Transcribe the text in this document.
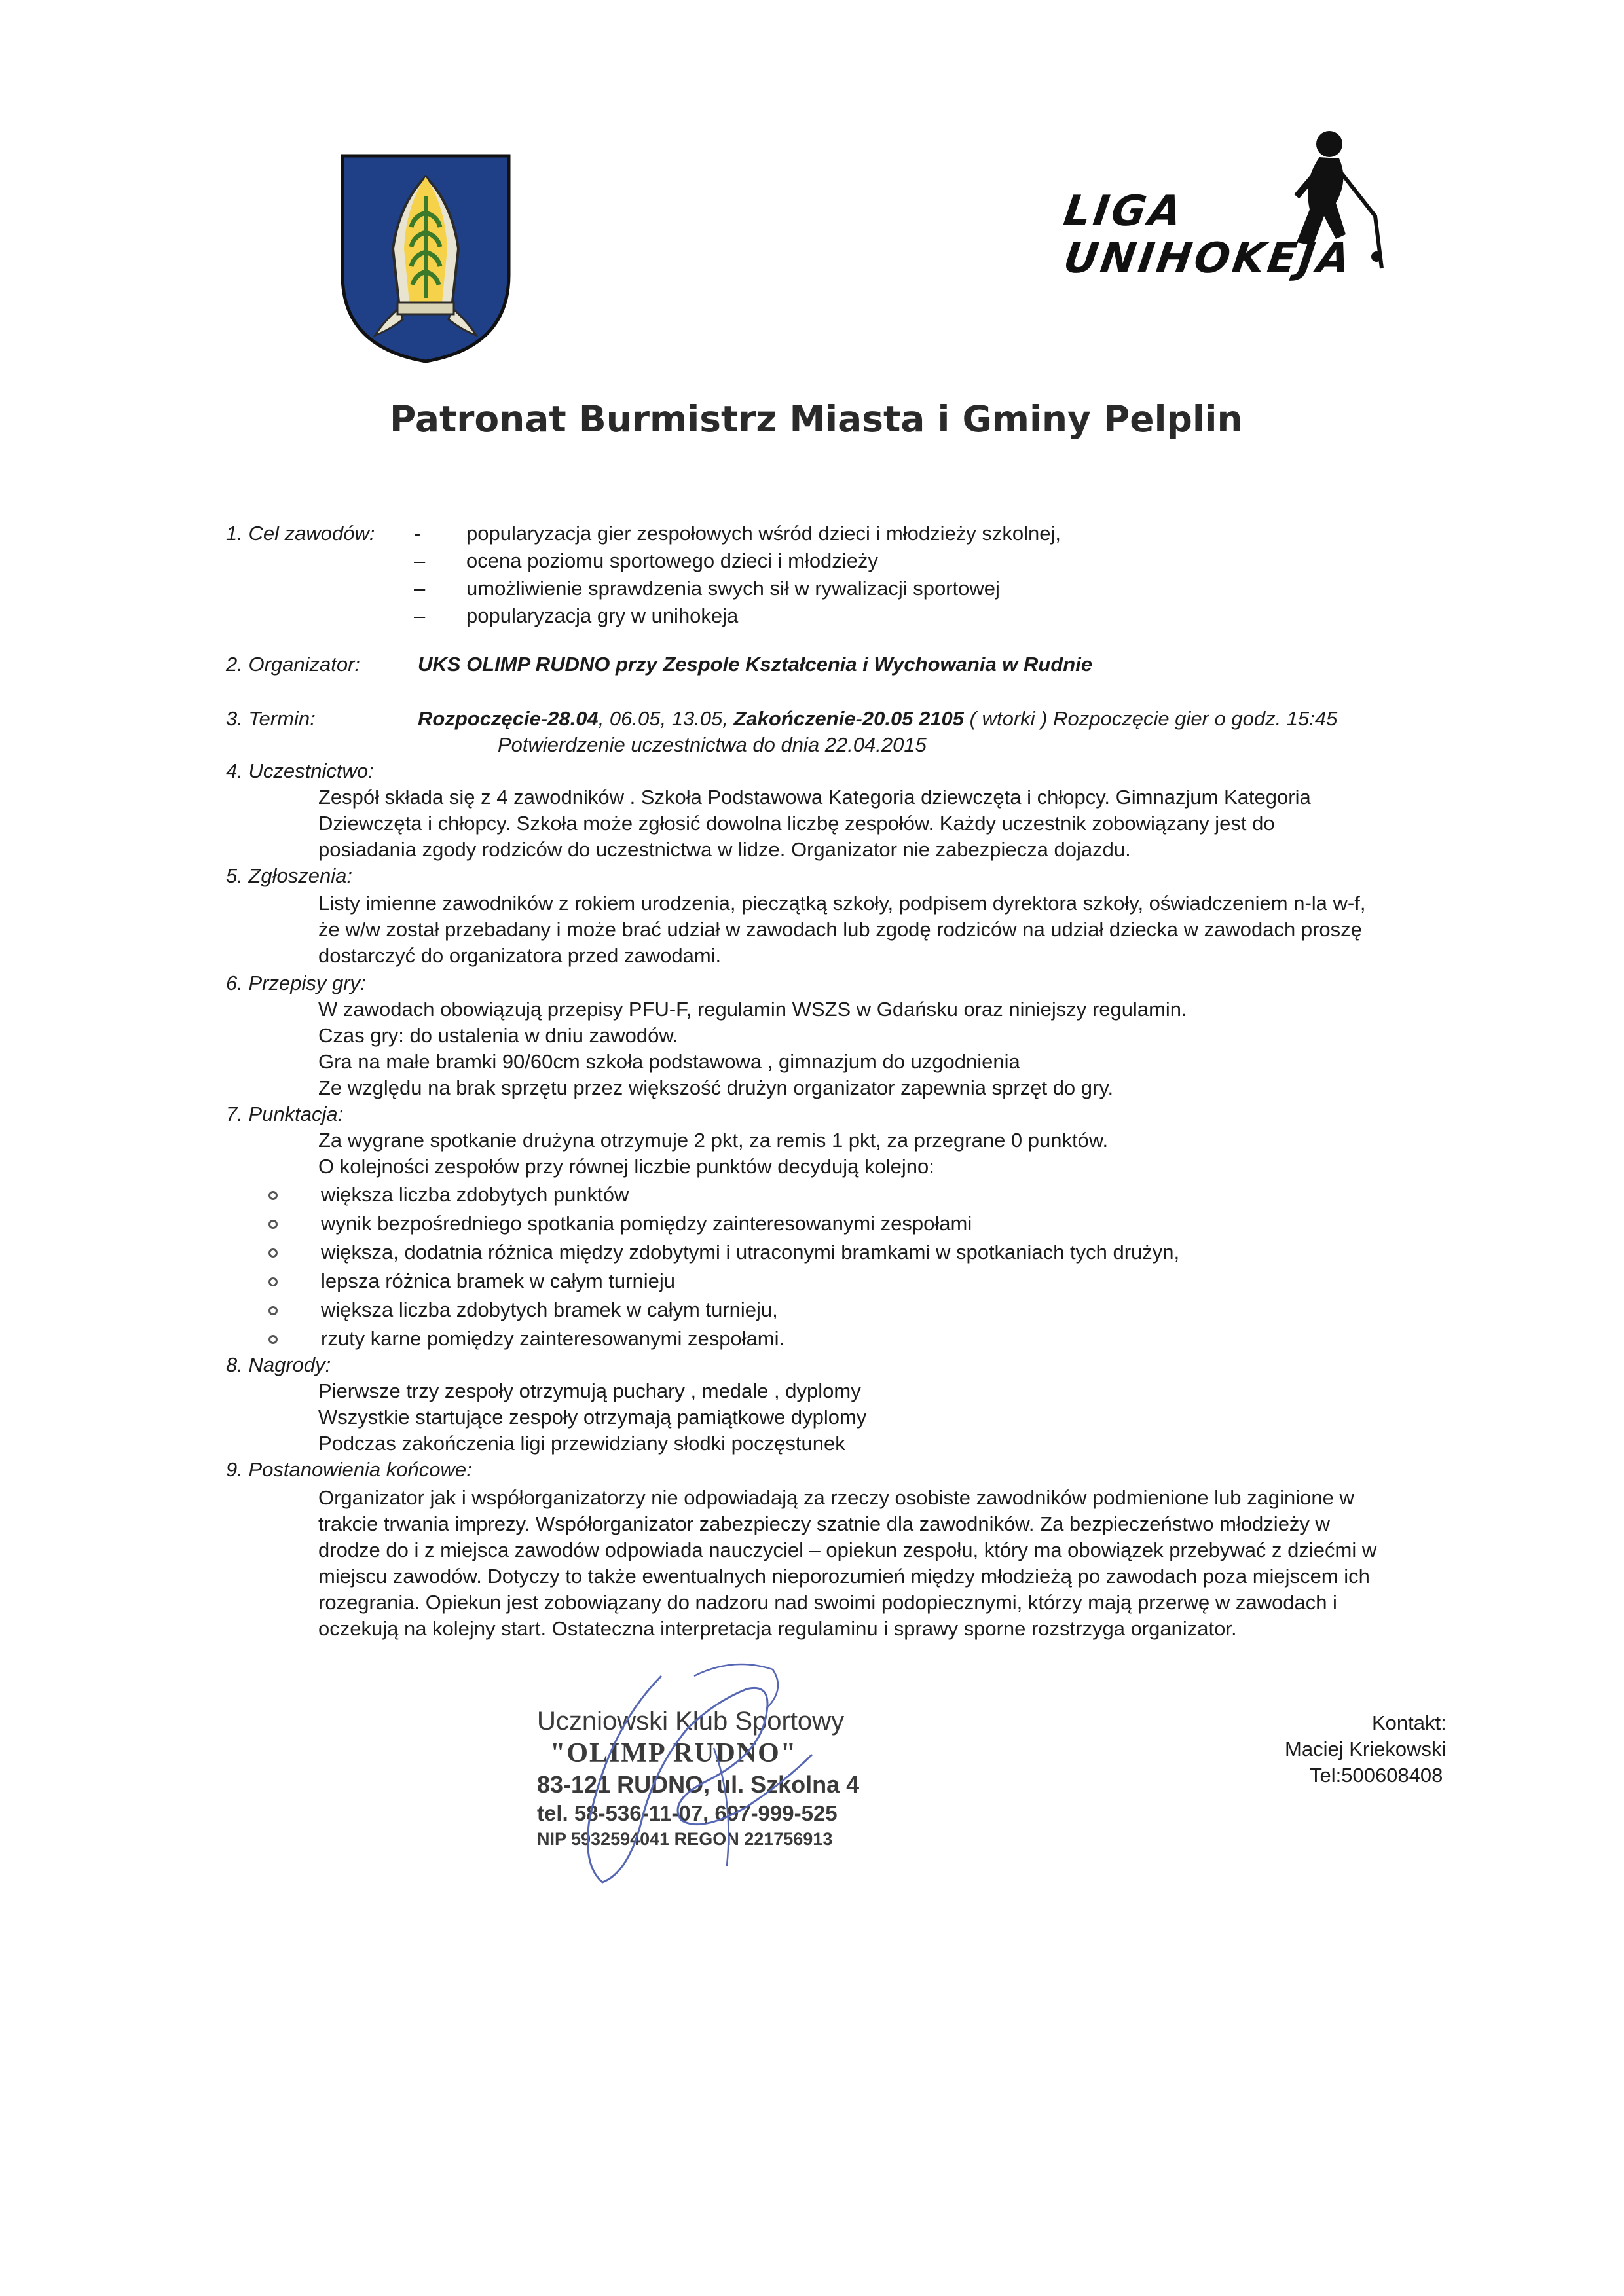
LIGA
UNIHOKEJA
Patronat Burmistrz Miasta i Gminy Pelplin
1. Cel zawodów: -
–
–
–
popularyzacja gier zespołowych wśród dzieci i młodzieży szkolnej,
ocena poziomu sportowego dzieci i młodzieży
umożliwienie sprawdzenia swych sił w rywalizacji sportowej
popularyzacja gry w unihokeja
2. Organizator:	UKS OLIMP RUDNO przy Zespole Kształcenia i Wychowania w Rudnie
3. Termin:	Rozpoczęcie-28.04, 06.05, 13.05, Zakończenie-20.05 2105 ( wtorki ) Rozpoczęcie gier o godz. 15:45
Potwierdzenie uczestnictwa do dnia 22.04.2015
4. Uczestnictwo:
Zespół składa się z 4 zawodników . Szkoła Podstawowa Kategoria dziewczęta i chłopcy. Gimnazjum Kategoria
Dziewczęta i chłopcy. Szkoła może zgłosić dowolna liczbę zespołów. Każdy uczestnik zobowiązany jest do
posiadania zgody rodziców do uczestnictwa w lidze. Organizator nie zabezpiecza dojazdu.
5. Zgłoszenia:
Listy imienne zawodników z rokiem urodzenia, pieczątką szkoły, podpisem dyrektora szkoły, oświadczeniem n-la w-f,
że w/w został przebadany i może brać udział w zawodach lub zgodę rodziców na udział dziecka w zawodach proszę
dostarczyć do organizatora przed zawodami.
6. Przepisy gry:
W zawodach obowiązują przepisy PFU-F, regulamin WSZS w Gdańsku oraz niniejszy regulamin.
Czas gry: do ustalenia w dniu zawodów.
Gra na małe bramki 90/60cm szkoła podstawowa , gimnazjum do uzgodnienia
Ze względu na brak sprzętu przez większość drużyn organizator zapewnia sprzęt do gry.
7. Punktacja:
Za wygrane spotkanie drużyna otrzymuje 2 pkt, za remis 1 pkt, za przegrane 0 punktów.
O kolejności zespołów przy równej liczbie punktów decydują kolejno:
większa liczba zdobytych punktów
wynik bezpośredniego spotkania pomiędzy zainteresowanymi zespołami
większa, dodatnia różnica między zdobytymi i utraconymi bramkami w spotkaniach tych drużyn,
lepsza różnica bramek w całym turnieju
większa liczba zdobytych bramek w całym turnieju,
rzuty karne pomiędzy zainteresowanymi zespołami.
8. Nagrody:
Pierwsze trzy zespoły otrzymują puchary , medale , dyplomy
Wszystkie startujące zespoły otrzymają pamiątkowe dyplomy
Podczas zakończenia ligi przewidziany słodki poczęstunek
9. Postanowienia końcowe:
Organizator jak i współorganizatorzy nie odpowiadają za rzeczy osobiste zawodników podmienione lub zaginione w
trakcie trwania imprezy. Współorganizator zabezpieczy szatnie dla zawodników. Za bezpieczeństwo młodzieży w
drodze do i z miejsca zawodów odpowiada nauczyciel – opiekun zespołu, który ma obowiązek przebywać z dziećmi w
miejscu zawodów. Dotyczy to także ewentualnych nieporozumień między młodzieżą po zawodach poza miejscem ich
rozegrania. Opiekun jest zobowiązany do nadzoru nad swoimi podopiecznymi, którzy mają przerwę w zawodach i
oczekują na kolejny start. Ostateczna interpretacja regulaminu i sprawy sporne rozstrzyga organizator.
Uczniowski Klub Sportowy
"OLIMP RUDNO"
83-121 RUDNO, ul. Szkolna 4
tel. 58-536-11-07, 697-999-525
NIP 5932594041 REGON 221756913
Kontakt:
Maciej Kriekowski
Tel:500608408
